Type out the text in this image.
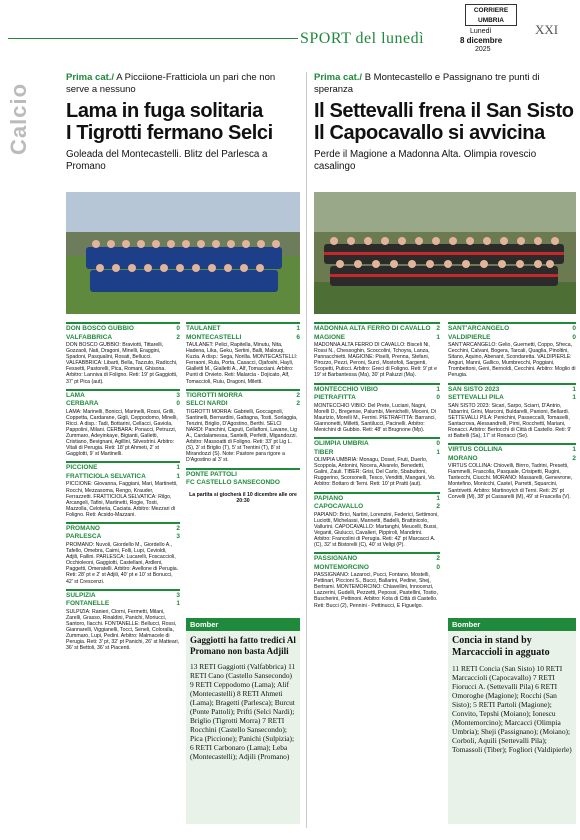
SPORT del lunedì
CORRIERE UMBRIA
Lunedì
8 dicembre
2025
XXI
Calcio
Prima cat./ A Picciione-Fratticiola un pari che non serve a nessuno
Lama in fuga solitaria
I Tigrotti fermano Selci
Goleada del Montecastelli. Blitz del Parlesca a Promano
Prima cat./ B Montecastello e Passignano tre punti di speranza
Il Settevalli frena il San Sisto
Il Capocavallo si avvicina
Perde il Magione a Madonna Alta. Olimpia rovescio casalingo
DON BOSCO GUBBIO	0
VALFABBRICA	2
DON BOSCO GUBBIO: Braviotti, Tittarelli, Gozzaoli, Nati, Dragoni, Minelli, Eraggini, Spadoni, Pasqualini, Rosati, Bellucci. VALFABBRICA: Libarti, Bella, Tazzuto, Radicchi, Fessetti, Pastorelli, Pica, Romani, Ghisona. Arbitro: Lanniva di Foligno. Reti: 19' pt Gaggiotti, 37' pt Pica (aut).
LAMA	3
CERBARA	0
LAMA: Marinelli, Bonicci, Marinelli, Rossi, Grilli, Coppetta, Cardarane, Gigli, Ceppodomo, Minelli, Ricci. A disp.: Tadi, Bottarini, Cellacci, Gaviola, Pappolini, Milani. CERBARA: Ponacci, Petruzzi, Zummaro, Adeyinkaye, Bigianti, Galletti, Cristiano, Bevignani, Agillini, Silvestrini. Arbitro: Vitali di Perugia. Reti: 18' pt Ahmeti, 2' st Gagglotti, 9' st Martinelli.
PICCIONE	1
FRATTICIOLA SELVATICA	1
PICCIONE: Giovanna, Faggiani, Mari, Martinetti, Rocchi, Mezzasoma, Rengo, Krauder, Ferrazzetti. FRATTICIOLA SELVATICA: Rilgo, Arcangeli, Tafini, Martinetti, Rogie, Tosti, Mazzolla, Celoteria, Caciata. Arbitro: Mezzari di Foligno. Reti: Acsido-Mazzani.
PROMANO	2
PARLESCA	3
PROMANO: Nuvoli, Giordello M., Giordello A., Tafello, Omebra, Caimi, Folli, Lupi, Cevioldi, Adjili, Fallini. PARLESCA: Lucarelli, Foscaccioli, Occhioleoni, Gaggiotti, Castellani, Ardleni, Paggetti, Omeratelli. Arbitro: Avellone di Perugia. Reti: 28' pt e 2' st Adjili, 40' pt e 10' st Bonucci, 42' st Crescenzi.
SULPIZIA	3
FONTANELLE	1
SULPIZIA: Ranieri, Ciorni, Fermetti, Milani, Zarelli, Grasso, Rinaldini, Panichi, Moriucci, Santoro, Ilacchi. FONTANELLE: Bellucci, Rossi, Giannarelli, Viggianelli, Tocci, Seneli, Coloralla, Zummaro, Lupi, Pedini. Arbitro: Malmacele di Perugia. Reti: 3' pt, 32' pt Panichi, 26' st Matteari, 36' st Bettoli, 36' st Piacenti.
TAULANET	1
MONTECASTELLI	6
TAULANET: Pelici, Rapitella, Minutu, Nita, Hadena, Lika, Geku, Sertini, Balli, Malouqi, Kuzia. A disp.: Sega, Norilla. MONTECASTELLI: Ferraoni, Rula, Porta, Casacci, Ojafoshi, Hayli, Gialletti M., Gialletti A., Alf, Tomacciani. Arbitro: Punti di Orvieto. Reti: Malarcia - Dojicato, Alf, Tomaccioli, Ruiu, Dragoni, Miletti.
TIGROTTI MORRA	2
SELCI NARDI	2
TIGROTTI MORRA: Gabrielli, Goccagnoli, Santinelli, Bernardini, Gattagna, Tosti, Sorlaggia, Tenzini, Briglio, D'Agostino, Berthi. SELCI NARDI: Panchini, Caputi, Cellaftoni, Lavane, Lig A., Cardalamessa, Santelli, Perfetti, Migandozzi. Arbitro: Massoatti di Foligno. Reti: 33' pt Lig L. (S), 3' st Briglio (T), 5' st Trentini (T), 8' st Mirandozzi (S). Note: Pastore para rigore a D'Agostino al 3' st.
PONTE PATTOLI
FC CASTELLO SANSECONDO
La partita si giocherà il 10 dicembre alle ore 20:30
Bomber
Gaggiotti ha fatto tredici Al Promano non basta Adjili
13 RETI Gaggiotti (Valfabbrica) 11 RETI Cano (Castello Sansecondo) 9 RETI Ceppodomo (Lama); Alif (Montecastelli) 8 RETI Ahmeti (Lama); Bragetti (Parlesca); Burcut (Ponte Pattoli); Priftì (Selci Nardi); Briglio (Tigrotti Morra) 7 RETI Rocchini (Castello Sansecondo); Pica (Piccione); Panichi (Sulpizia); 6 RETI Carbonaro (Lama); Leba (Montecastelli); Adjili (Promano)
MADONNA ALTA FERRO DI CAVALLO 2
MAGIONE	1
MADONNA ALTA FERRO DI CAVALLO: Bisceli Ni, Rossi N., Chessoghin, Scoccolini, Tchoyra, Lanza, Pannacchietti. MAGIONE: Piselli, Prenna, Stefani, Pirozzo, Pezzi, Peroni, Surci, Mostofoli, Sargenti, Scopetti, Puticci. Arbitro: Greci di Foligno. Reti: 9' pt e 19' st Barbantessa (Ma), 30' pt Paluzzi (Ma).
MONTECCHIO VIBIO	1
PIETRAFITTA	0
MONTECCHIO VIBIO: Del Prete, Luciani, Nagni, Morelli D., Bregense, Palumbi, Menichelli, Moceni, Di Maurizio, Morelli M., Ferrini. PIETRAFITTA: Barranci, Giannonetti, Milletti, Santilucci, Pacinelli. Arbitro: Menichini di Gubbio. Reti: 48' st Brugnone (Mp).
OLIMPIA UMBRIA	0
TIBER	1
OLIMPIA UMBRIA: Monagu, Doset, Fruti, Duerlo, Scoppola, Antonini, Nocera, Alvarelo, Benedetti, Galini, Zauli. TIBER: Grisi, Del Carlo, Sbabuttoni, Ruggerino, Scorsonelli, Tesco, Venditti, Mangani, Vo. Arbitro: Bottaro di Terni. Reti: 10' pt Pratti (aut).
PAPIANO	1
CAPOCAVALLO	2
PAPIANO: Brici, Nartini, Lorenzini, Federici, Settimoni, Luciotti, Michelassi, Mannetti, Badelli, Brattinicolo, Vallurini. CAPOCAVALLO: Martanghi, Meucelli, Bussi, Veganti, Giulucci, Cavalieri, Pippiroli, Mandirini. Arbitro: Francolini di Perugia. Reti: 42' pt Marcacci A. (C), 32' st Bistorelli (C), 40' st Veligi (P).
PASSIGNANO	2
MONTEMORCINO	0
PASSIGNANO: Lazaroci, Pucci, Fontano, Mostelli, Pettinari, Piccioni S., Bucci, Ballarini, Pedine, Shej, Bertrami. MONTEMORCINO: Chiavellini, Innocenzi, Lazzerini, Gudelli, Pezzetti, Pepossi, Pastellini, Tostio, Buscherini, Pettinoni. Arbitro: Kota di Città di Castello. Reti: Bucci (2), Pennini - Pettinucci, E Figuelgo.
SANT'ARCANGELO	0
VALDIPIERLE	0
SANT'ARCANGELO: Gelio, Guernetti, Coppo, Sfreca, Cecchini, Calvani, Bogera, Tarcali, Quaglia, Pinoltini, Sitano, Aquino, Abenant, Scondaretta. VALDIPIERLE: Anguri, Manni, Gallico, Mumbrecchi, Poggiani, Trombettoni, Geni, Bernoldi, Cecchini. Arbitro: Moglio di Perugia.
SAN SISTO 2023	1
SETTEVALLI PILA	1
SAN SISTO 2023: Sicari, Sarpo, Sciarri, D'Antrio, Tabarrini, Grini, Marconi, Buldarelli, Panioni, Bellardi. SETTEVALLI PILA: Penichini, Passeccalli, Tomaselli, Santacrova, Alessandrelli, Pirni, Rocchetti, Mariani, Ronacci. Arbitro: Bertocchi di Città di Castello. Reti: 9' st Battelli (Sa), 17' st Ronacci (Se).
VIRTUS COLLINA	1
MORANO	2
VIRTUS COLLINA: Chiovelli, Birrro, Tadrini, Presetti, Fiammelli, Frascolla, Pasquale, Crisipetti, Rugini, Tantecchi, Ciucchi. MORANO: Massarelli, Genevrone, Montefino, Monicchi, Castel, Parretti, Squarcini, Santrivetti. Arbitro: Martinoyich di Terni. Reti: 25' pt Corvelli (M), 38' pt Cassarelli (M), 49' st Frascella (V).
Bomber
Concia in stand by Marcaccioli in agguato
11 RETI Concia (San Sisto) 10 RETI Marcaccioli (Capocavallo) 7 RETI Fiorucci A. (Settevalli Pila) 6 RETI Omoroghe (Magione); Rocchi (San Sisto); 5 RETI Partoli (Magione); Convito, Tepshi (Moiano); Ionescu (Montemorcino); Marcacci (Olimpia Umbria); Sheji (Passignano); (Moiano); Corboli, Aquili (Settevalli Pila); Tomassoli (Tiber); Fogliori (Valdipierle)
